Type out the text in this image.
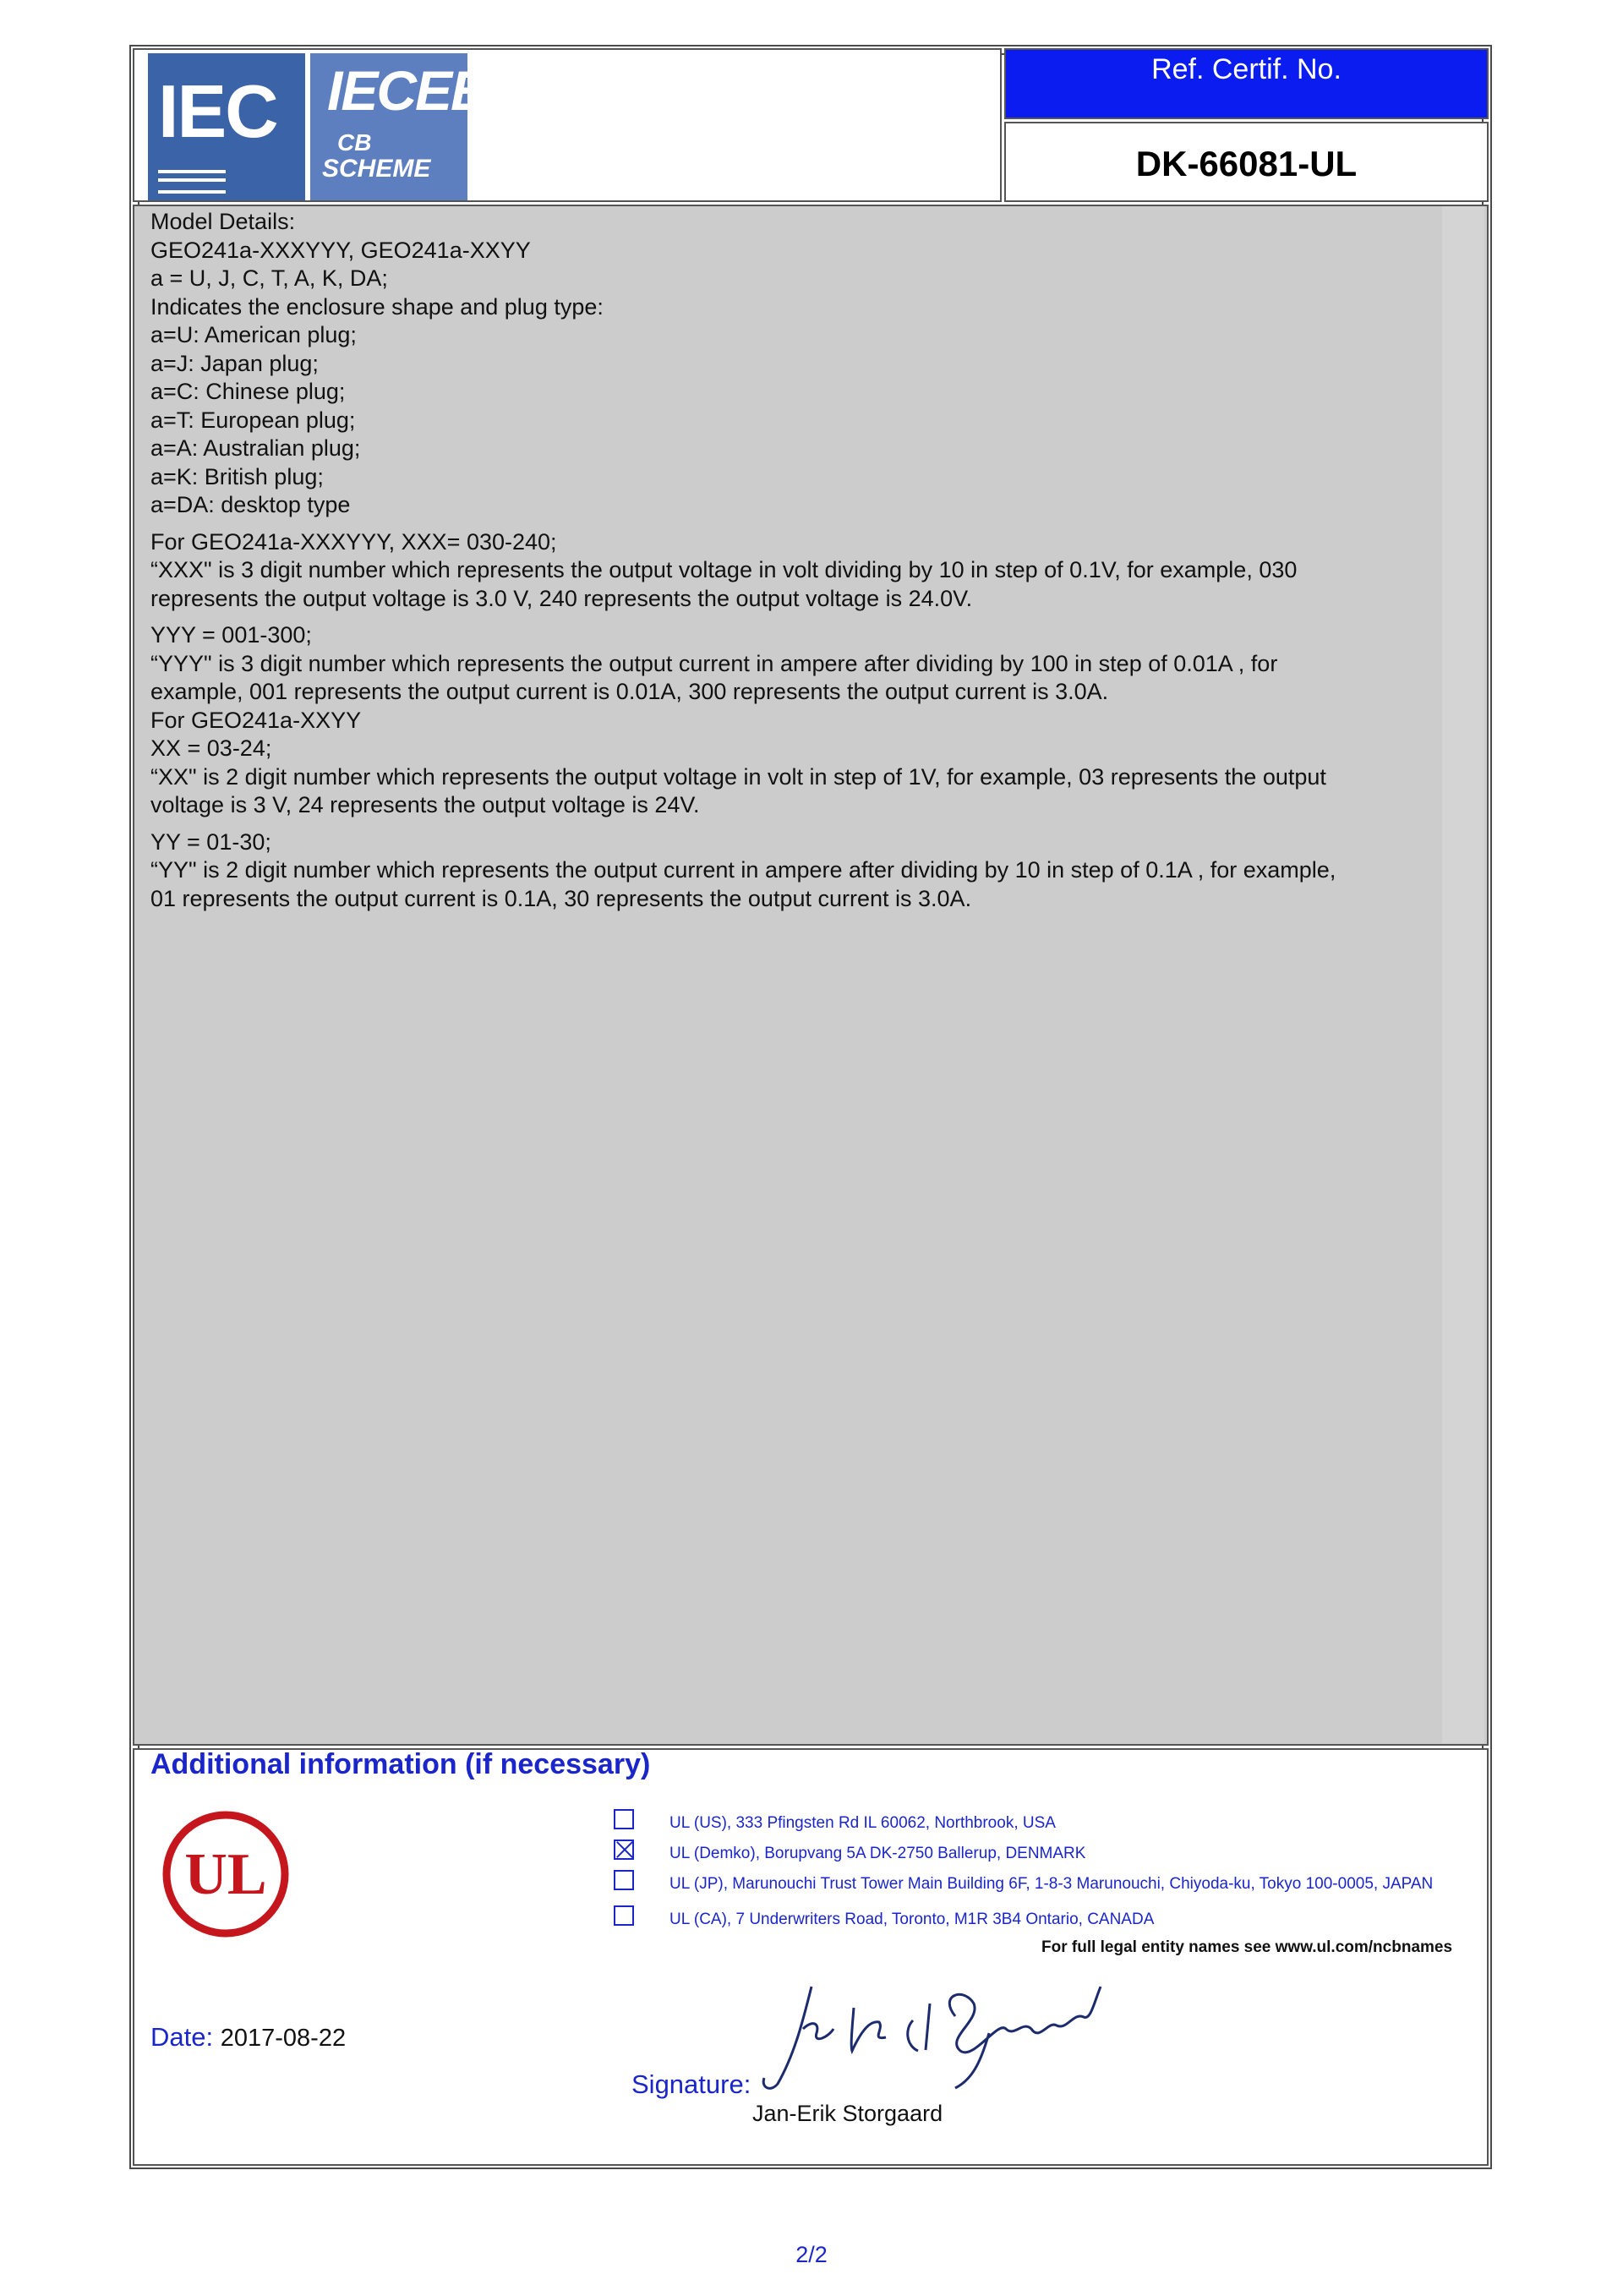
IEC IECEE
CB
SCHEME
Ref. Certif. No.
DK-66081-UL

Model Details:

GEO241a-XXXYYY, GEO241a-XXYY

a = U, J, C, T, A, K, DA;

Indicates the enclosure shape and plug type:

a=U: American plug;

a=J: Japan plug;

a=C: Chinese plug;

a=T: European plug;

a=A: Australian plug;

a=K: British plug;

a=DA: desktop type

For GEO241a-XXXYYY, XXX= 030-240;

“XXX" is 3 digit number which represents the output voltage in volt dividing by 10 in step of 0.1V, for example, 030

represents the output voltage is 3.0 V, 240 represents the output voltage is 24.0V.

YYY = 001-300;

“YYY" is 3 digit number which represents the output current in ampere after dividing by 100 in step of 0.01A , for

example, 001 represents the output current is 0.01A, 300 represents the output current is 3.0A.

For GEO241a-XXYY

XX = 03-24;

“XX" is 2 digit number which represents the output voltage in volt in step of 1V, for example, 03 represents the output

voltage is 3 V, 24 represents the output voltage is 24V.

YY = 01-30;

“YY" is 2 digit number which represents the output current in ampere after dividing by 10 in step of 0.1A , for example,

01 represents the output current is 0.1A, 30 represents the output current is 3.0A.

Additional information (if necessary)
UL
UL (US), 333 Pfingsten Rd IL 60062, Northbrook, USA
UL (Demko), Borupvang 5A DK-2750 Ballerup, DENMARK
UL (JP), Marunouchi Trust Tower Main Building 6F, 1-8-3 Marunouchi, Chiyoda-ku, Tokyo 100-0005, JAPAN
UL (CA), 7 Underwriters Road, Toronto, M1R 3B4 Ontario, CANADA
For full legal entity names see www.ul.com/ncbnames
Date: 2017-08-22
Signature:
Jan-Erik Storgaard
2/2
